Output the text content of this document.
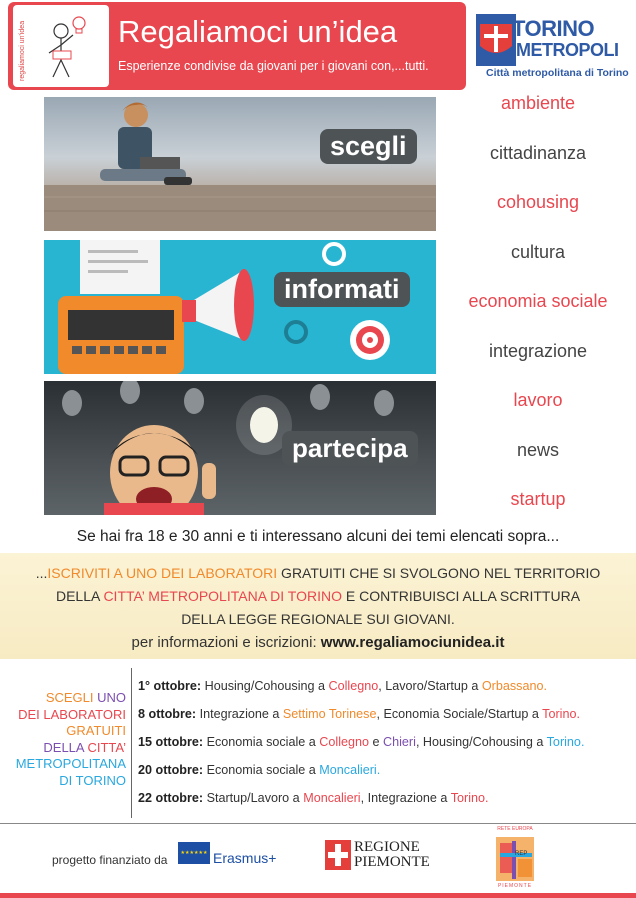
regaliamoci un'idea	Regaliamoci un’idea
Esperienze condivise da giovani per i giovani con,...tutti.
TORINO
METROPOLI
Città metropolitana di Torino
scegli
informati
partecipa
ambiente
cittadinanza
cohousing
cultura
economia sociale
integrazione
lavoro
news
startup
Se hai fra 18 e 30 anni e ti interessano alcuni dei temi elencati sopra...
...ISCRIVITI A UNO DEI LABORATORI GRATUITI CHE SI SVOLGONO NEL TERRITORIO
DELLA CITTA’ METROPOLITANA DI TORINO E CONTRIBUISCI ALLA SCRITTURA
DELLA LEGGE REGIONALE SUI GIOVANI.
per informazioni e iscrizioni: www.regaliamociunidea.it
SCEGLI UNO
DEI LABORATORI
GRATUITI
DELLA CITTA’
METROPOLITANA
DI TORINO
1° ottobre: Housing/Cohousing a Collegno, Lavoro/Startup a Orbassano.
8 ottobre: Integrazione a Settimo Torinese, Economia Sociale/Startup a Torino.
15 ottobre: Economia sociale a Collegno e Chieri, Housing/Cohousing a Torino.
20 ottobre: Economia sociale a Moncalieri.
22 ottobre: Startup/Lavoro a Moncalieri, Integrazione a Torino.
progetto finanziato da	★★★★★★ Erasmus+
REGIONE
PIEMONTE
RETE EUROPA
REP
PIEMONTE
